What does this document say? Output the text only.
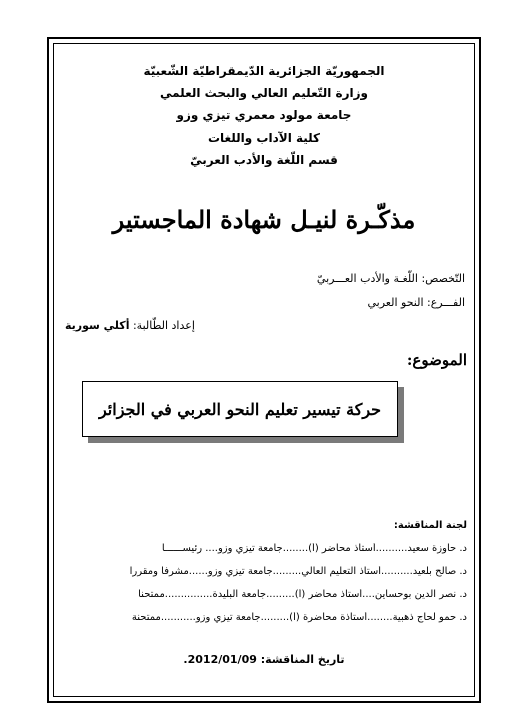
الجمهوريّة الجزائرية الدّيمقراطيّة الشّعبيّة
وزارة التّعليم العالي والبحث العلمي
جامعة مولود معمري تيزي وزو
كلية الآداب واللغات
قسم اللّغة والأدب العربيّ
مذكّـرة لنيـل شهادة الماجستير
التّخصص: اللّغـة والأدب العـــربيّ
الفـــرع: النحو العربي
إعداد الطّالبة: أكلي سورية
الموضوع:
حركة تيسير تعليم النحو العربي في الجزائر
لجنة المناقشة:
د. حاوزة سعيد..........أستاذ محاضر (أ)........جامعة تيزي وزو.... رئيســــــا
د. صالح بلعيد..........أستاذ التعليم العالي.........جامعة تيزي وزو......مشرفا ومقررا
د. نصر الدين بوحساين....أستاذ محاضر (أ).........جامعة البليدة...............ممتحنا
د. حمو لحاج ذهبية........أستاذة محاضرة (أ).........جامعة تيزي وزو...........ممتحنة
تاريخ المناقشة: 2012/01/09.
